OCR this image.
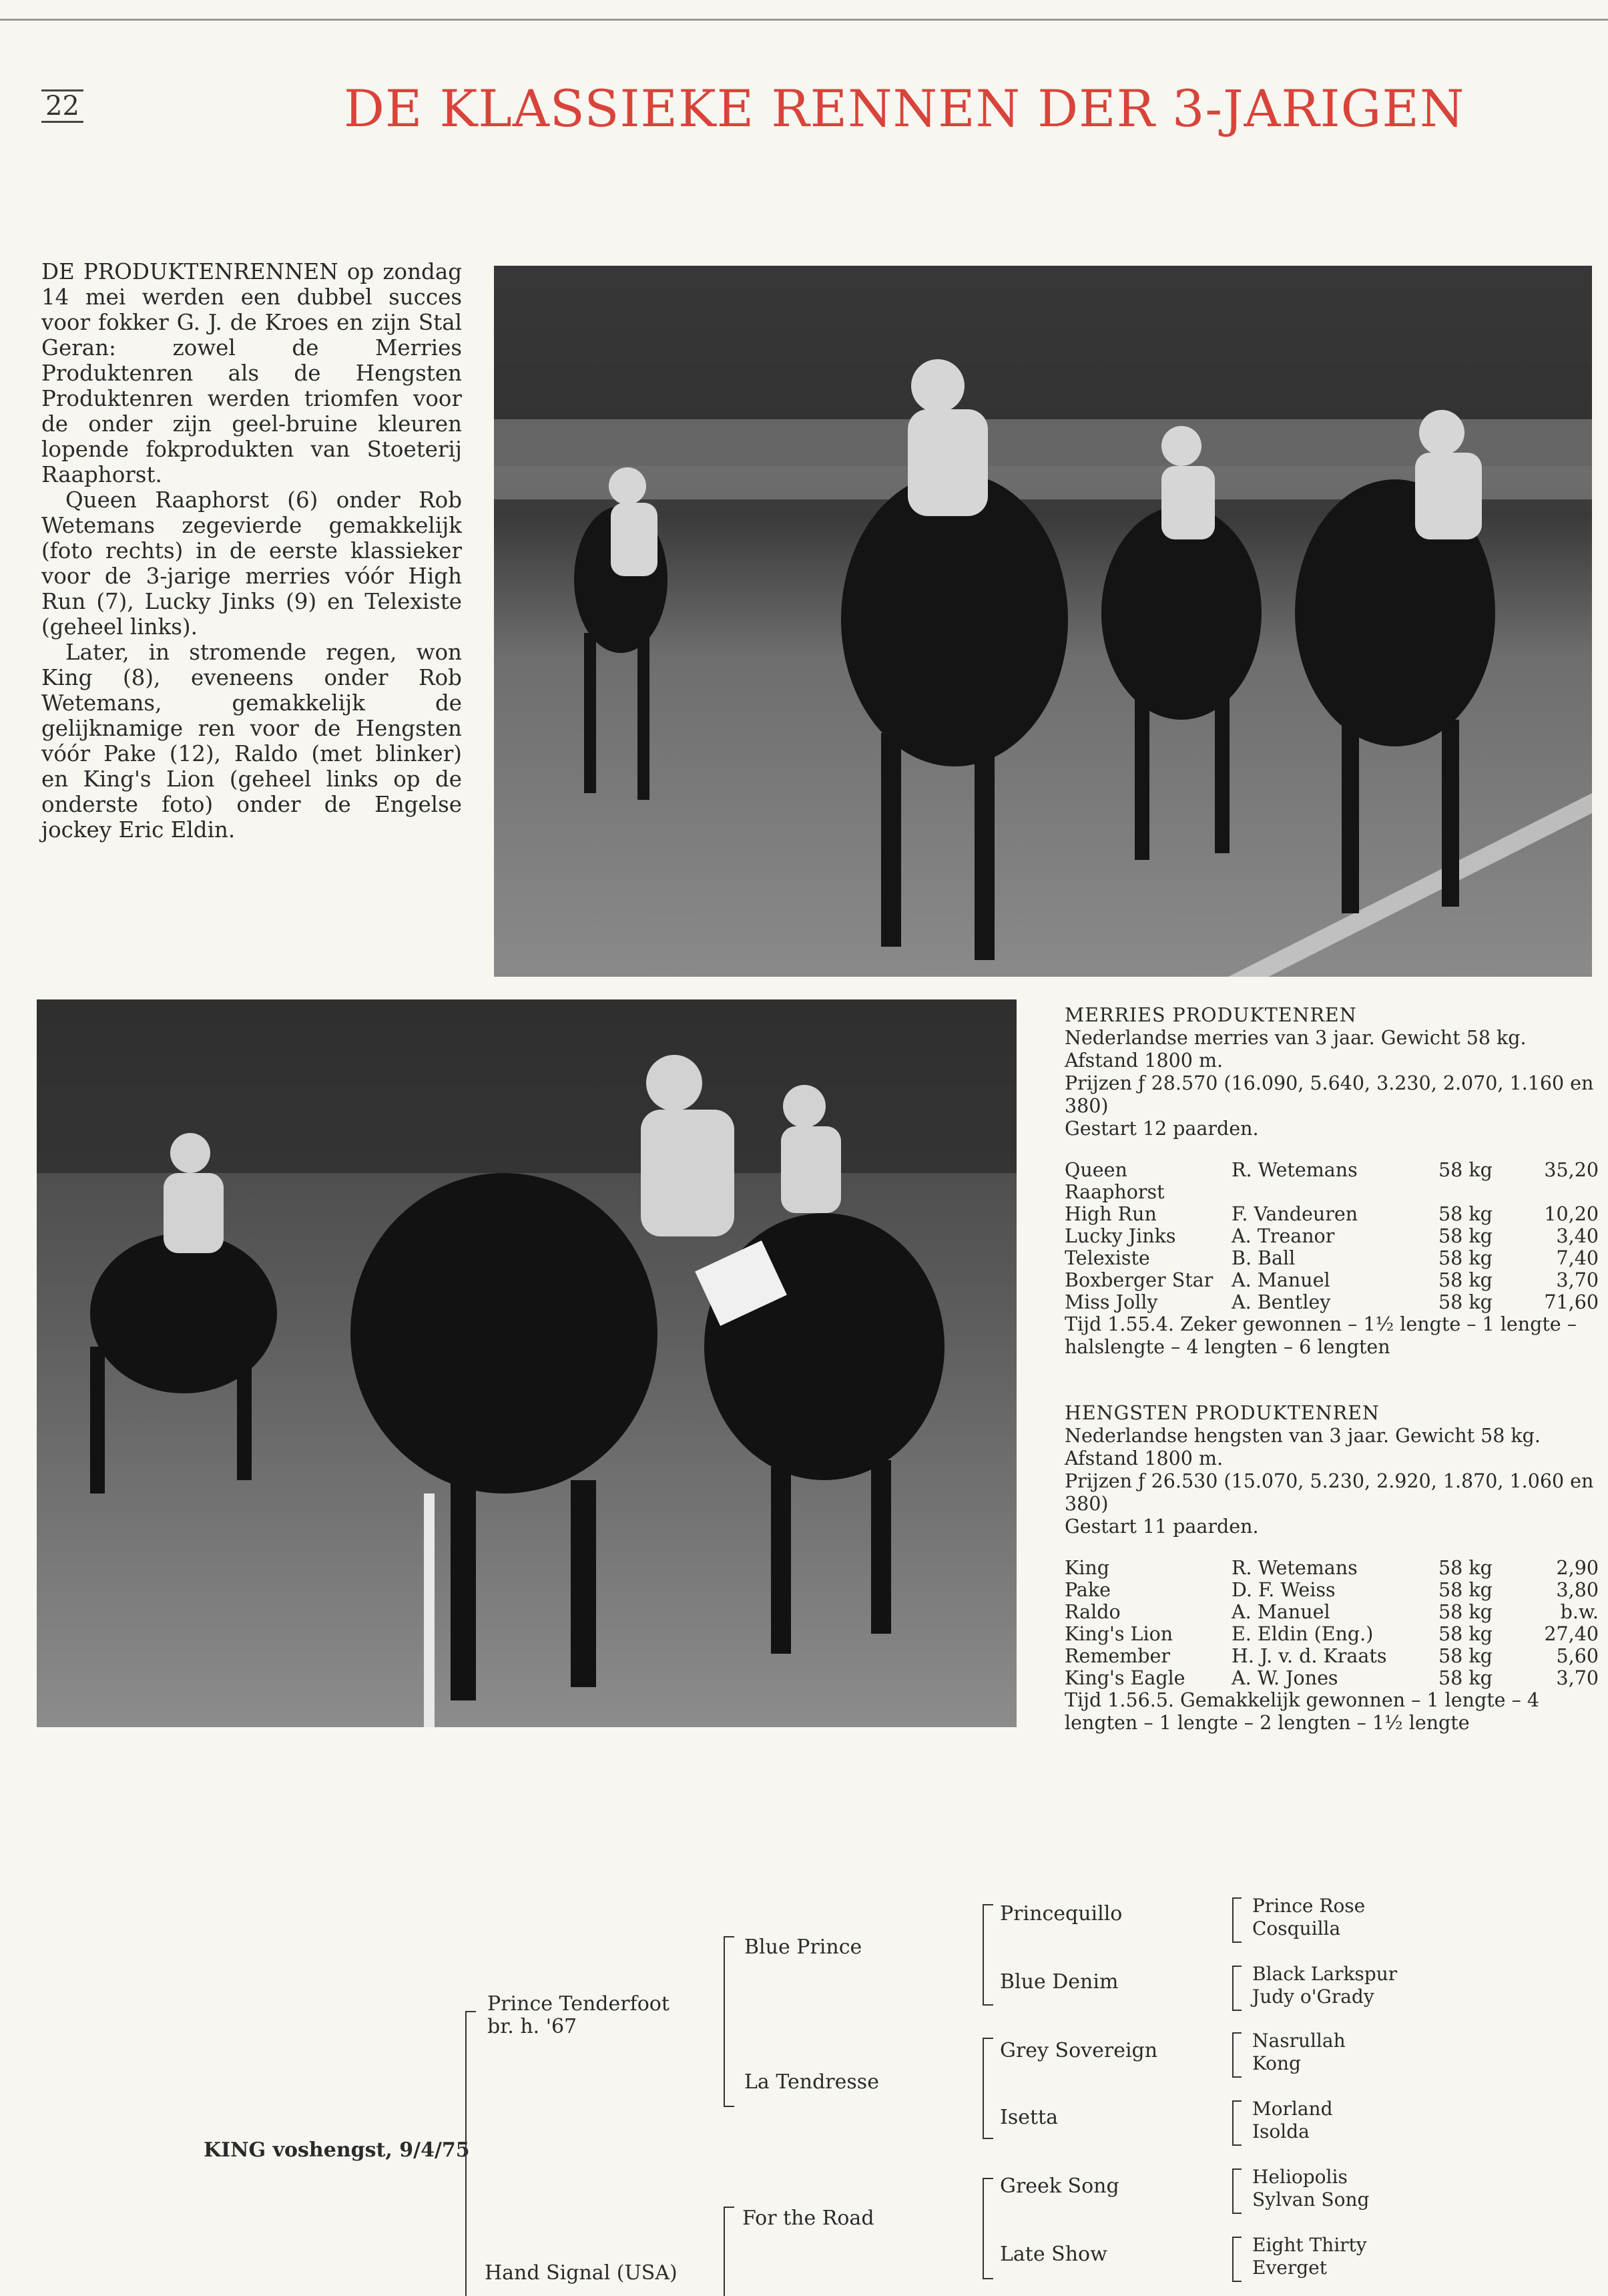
22	DE KLASSIEKE RENNEN DER 3-JARIGEN

DE PRODUKTENRENNEN op zondag 14 mei werden een dubbel succes voor fokker G. J. de Kroes en zijn Stal Geran: zowel de Merries Produktenren als de Hengsten Produktenren werden triomfen voor de onder zijn geel-bruine kleuren lopende fokprodukten van Stoeterij Raaphorst.

Queen Raaphorst (6) onder Rob Wetemans zegevierde gemakkelijk (foto rechts) in de eerste klassieker voor de 3-jarige merries vóór High Run (7), Lucky Jinks (9) en Telexiste (geheel links).

Later, in stromende regen, won King (8), eveneens onder Rob Wetemans, gemakkelijk de gelijknamige ren voor de Hengsten vóór Pake (12), Raldo (met blinker) en King's Lion (geheel links op de onderste foto) onder de Engelse jockey Eric Eldin.

MERRIES PRODUKTENREN

Nederlandse merries van 3 jaar. Gewicht 58 kg. Afstand 1800 m.

Prijzen ƒ 28.570 (16.090, 5.640, 3.230, 2.070, 1.160 en 380)

Gestart 12 paarden.

Queen Raaphorst	R. Wetemans	58 kg	35,20
High Run	F. Vandeuren	58 kg	10,20
Lucky Jinks	A. Treanor	58 kg	3,40
Telexiste	B. Ball	58 kg	7,40
Boxberger Star	A. Manuel	58 kg	3,70
Miss Jolly	A. Bentley	58 kg	71,60

Tijd 1.55.4. Zeker gewonnen – 1½ lengte – 1 lengte – halslengte – 4 lengten – 6 lengten

HENGSTEN PRODUKTENREN

Nederlandse hengsten van 3 jaar. Gewicht 58 kg. Afstand 1800 m.

Prijzen ƒ 26.530 (15.070, 5.230, 2.920, 1.870, 1.060 en 380)

Gestart 11 paarden.

King	R. Wetemans	58 kg	2,90
Pake	D. F. Weiss	58 kg	3,80
Raldo	A. Manuel	58 kg	b.w.
King's Lion	E. Eldin (Eng.)	58 kg	27,40
Remember	H. J. v. d. Kraats	58 kg	5,60
King's Eagle	A. W. Jones	58 kg	3,70

Tijd 1.56.5. Gemakkelijk gewonnen – 1 lengte – 4 lengten – 1 lengte – 2 lengten – 1½ lengte

KING voshengst, 9/4/75
Prince Tenderfoot
br. h. '67
Hand Signal (USA)
Blue Prince
La Tendresse
For the Road
Princequillo
Blue Denim
Grey Sovereign
Isetta
Greek Song
Late Show
Prince Rose
Cosquilla
Black Larkspur
Judy o'Grady
Nasrullah
Kong
Morland
Isolda
Heliopolis
Sylvan Song
Eight Thirty
Everget
